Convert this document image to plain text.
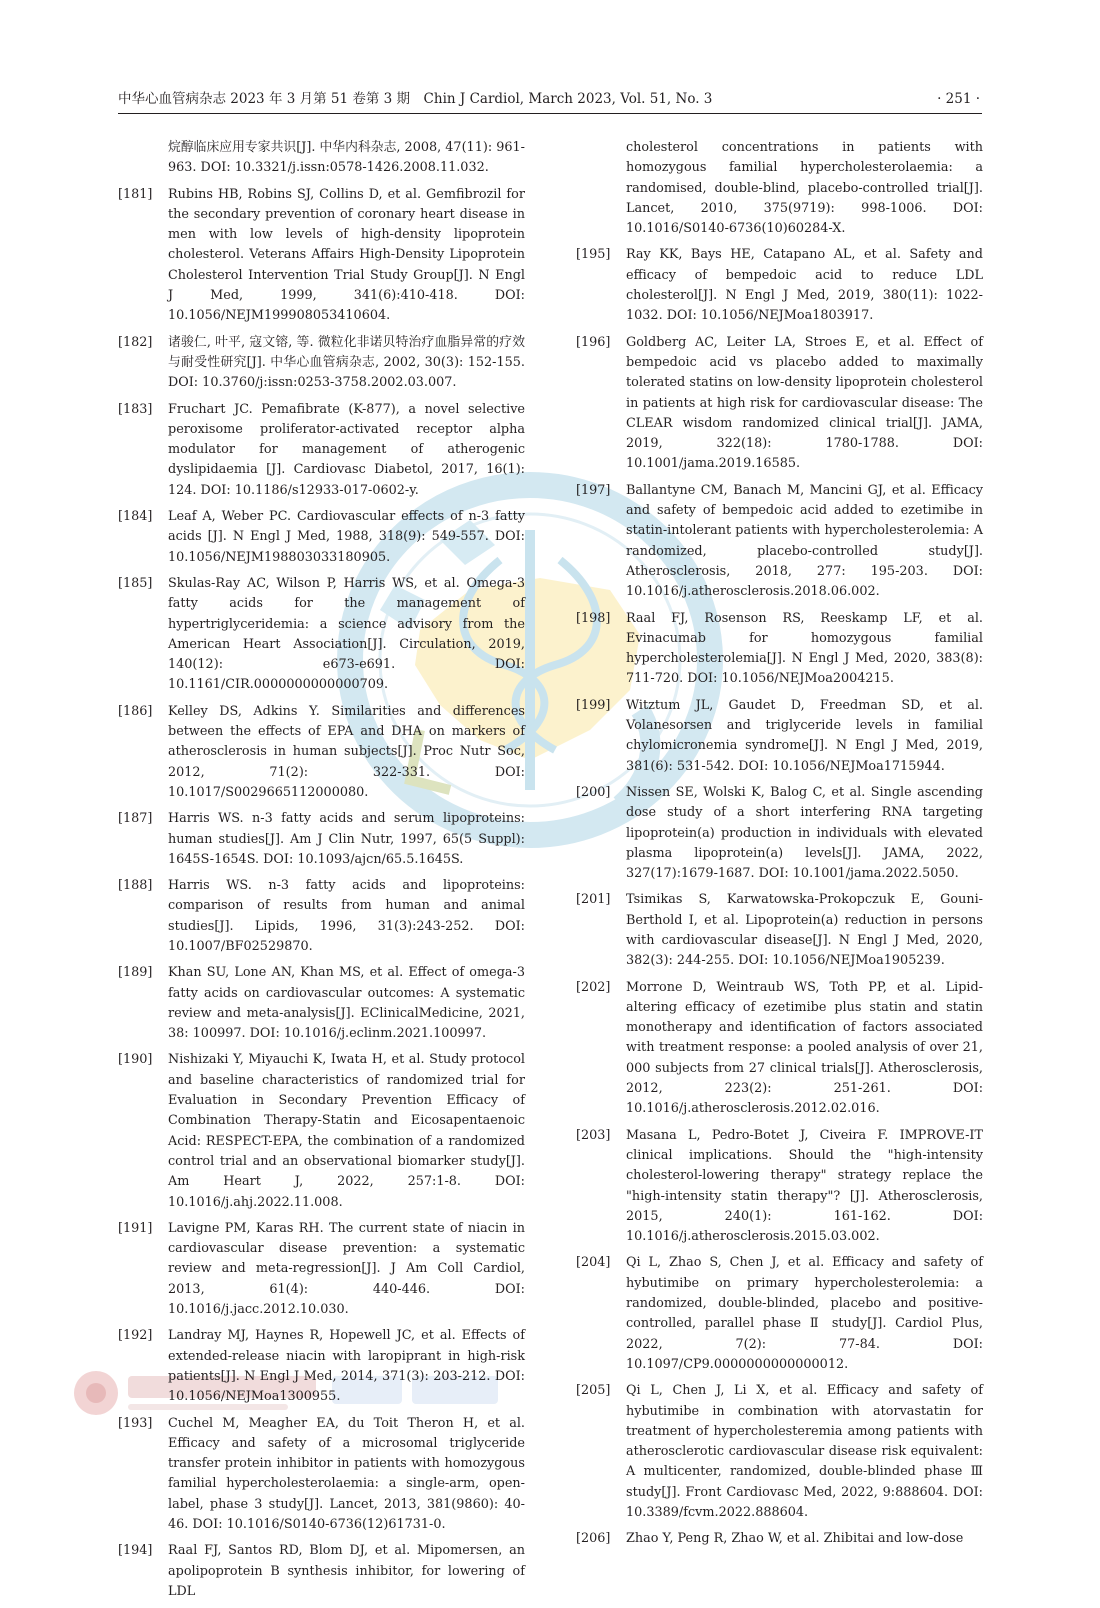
中华心血管病杂志 2023 年 3 月第 51 卷第 3 期　Chin J Cardiol, March 2023, Vol. 51, No. 3	· 251 ·
烷醇临床应用专家共识[J]. 中华内科杂志, 2008, 47(11): 961-963. DOI: 10.3321/j.issn:0578-1426.2008.11.032.
[181]	Rubins HB, Robins SJ, Collins D, et al. Gemfibrozil for the secondary prevention of coronary heart disease in men with low levels of high-density lipoprotein cholesterol. Veterans Affairs High-Density Lipoprotein Cholesterol Intervention Trial Study Group[J]. N Engl J Med, 1999, 341(6):410-418. DOI: 10.1056/NEJM199908053410604.
[182]	诸骏仁, 叶平, 寇文镕, 等. 微粒化非诺贝特治疗血脂异常的疗效与耐受性研究[J]. 中华心血管病杂志, 2002, 30(3): 152-155. DOI: 10.3760/j:issn:0253-3758.2002.03.007.
[183]	Fruchart JC. Pemafibrate (K-877), a novel selective peroxisome proliferator-activated receptor alpha modulator for management of atherogenic dyslipidaemia [J]. Cardiovasc Diabetol, 2017, 16(1): 124. DOI: 10.1186/s12933-017-0602-y.
[184]	Leaf A, Weber PC. Cardiovascular effects of n-3 fatty acids [J]. N Engl J Med, 1988, 318(9): 549-557. DOI: 10.1056/NEJM198803033180905.
[185]	Skulas-Ray AC, Wilson P, Harris WS, et al. Omega-3 fatty acids for the management of hypertriglyceridemia: a science advisory from the American Heart Association[J]. Circulation, 2019, 140(12): e673-e691. DOI: 10.1161/CIR.0000000000000709.
[186]	Kelley DS, Adkins Y. Similarities and differences between the effects of EPA and DHA on markers of atherosclerosis in human subjects[J]. Proc Nutr Soc, 2012, 71(2): 322-331. DOI: 10.1017/S0029665112000080.
[187]	Harris WS. n-3 fatty acids and serum lipoproteins: human studies[J]. Am J Clin Nutr, 1997, 65(5 Suppl): 1645S-1654S. DOI: 10.1093/ajcn/65.5.1645S.
[188]	Harris WS. n-3 fatty acids and lipoproteins: comparison of results from human and animal studies[J]. Lipids, 1996, 31(3):243-252. DOI: 10.1007/BF02529870.
[189]	Khan SU, Lone AN, Khan MS, et al. Effect of omega-3 fatty acids on cardiovascular outcomes: A systematic review and meta-analysis[J]. EClinicalMedicine, 2021, 38: 100997. DOI: 10.1016/j.eclinm.2021.100997.
[190]	Nishizaki Y, Miyauchi K, Iwata H, et al. Study protocol and baseline characteristics of randomized trial for Evaluation in Secondary Prevention Efficacy of Combination Therapy-Statin and Eicosapentaenoic Acid: RESPECT-EPA, the combination of a randomized control trial and an observational biomarker study[J]. Am Heart J, 2022, 257:1-8. DOI: 10.1016/j.ahj.2022.11.008.
[191]	Lavigne PM, Karas RH. The current state of niacin in cardiovascular disease prevention: a systematic review and meta-regression[J]. J Am Coll Cardiol, 2013, 61(4): 440-446. DOI: 10.1016/j.jacc.2012.10.030.
[192]	Landray MJ, Haynes R, Hopewell JC, et al. Effects of extended-release niacin with laropiprant in high-risk patients[J]. N Engl J Med, 2014, 371(3): 203-212. DOI: 10.1056/NEJMoa1300955.
[193]	Cuchel M, Meagher EA, du Toit Theron H, et al. Efficacy and safety of a microsomal triglyceride transfer protein inhibitor in patients with homozygous familial hypercholesterolaemia: a single-arm, open-label, phase 3 study[J]. Lancet, 2013, 381(9860): 40-46. DOI: 10.1016/S0140-6736(12)61731-0.
[194]	Raal FJ, Santos RD, Blom DJ, et al. Mipomersen, an apolipoprotein B synthesis inhibitor, for lowering of LDL
cholesterol concentrations in patients with homozygous familial hypercholesterolaemia: a randomised, double-blind, placebo-controlled trial[J]. Lancet, 2010, 375(9719): 998-1006. DOI: 10.1016/S0140-6736(10)60284-X.
[195]	Ray KK, Bays HE, Catapano AL, et al. Safety and efficacy of bempedoic acid to reduce LDL cholesterol[J]. N Engl J Med, 2019, 380(11): 1022-1032. DOI: 10.1056/NEJMoa1803917.
[196]	Goldberg AC, Leiter LA, Stroes E, et al. Effect of bempedoic acid vs placebo added to maximally tolerated statins on low-density lipoprotein cholesterol in patients at high risk for cardiovascular disease: The CLEAR wisdom randomized clinical trial[J]. JAMA, 2019, 322(18): 1780-1788. DOI: 10.1001/jama.2019.16585.
[197]	Ballantyne CM, Banach M, Mancini GJ, et al. Efficacy and safety of bempedoic acid added to ezetimibe in statin-intolerant patients with hypercholesterolemia: A randomized, placebo-controlled study[J]. Atherosclerosis, 2018, 277: 195-203. DOI: 10.1016/j.atherosclerosis.2018.06.002.
[198]	Raal FJ, Rosenson RS, Reeskamp LF, et al. Evinacumab for homozygous familial hypercholesterolemia[J]. N Engl J Med, 2020, 383(8): 711-720. DOI: 10.1056/NEJMoa2004215.
[199]	Witztum JL, Gaudet D, Freedman SD, et al. Volanesorsen and triglyceride levels in familial chylomicronemia syndrome[J]. N Engl J Med, 2019, 381(6): 531-542. DOI: 10.1056/NEJMoa1715944.
[200]	Nissen SE, Wolski K, Balog C, et al. Single ascending dose study of a short interfering RNA targeting lipoprotein(a) production in individuals with elevated plasma lipoprotein(a) levels[J]. JAMA, 2022, 327(17):1679-1687. DOI: 10.1001/jama.2022.5050.
[201]	Tsimikas S, Karwatowska-Prokopczuk E, Gouni-Berthold I, et al. Lipoprotein(a) reduction in persons with cardiovascular disease[J]. N Engl J Med, 2020, 382(3): 244-255. DOI: 10.1056/NEJMoa1905239.
[202]	Morrone D, Weintraub WS, Toth PP, et al. Lipid-altering efficacy of ezetimibe plus statin and statin monotherapy and identification of factors associated with treatment response: a pooled analysis of over 21, 000 subjects from 27 clinical trials[J]. Atherosclerosis, 2012, 223(2): 251-261. DOI: 10.1016/j.atherosclerosis.2012.02.016.
[203]	Masana L, Pedro-Botet J, Civeira F. IMPROVE-IT clinical implications. Should the "high-intensity cholesterol-lowering therapy" strategy replace the "high-intensity statin therapy"? [J]. Atherosclerosis, 2015, 240(1): 161-162. DOI: 10.1016/j.atherosclerosis.2015.03.002.
[204]	Qi L, Zhao S, Chen J, et al. Efficacy and safety of hybutimibe on primary hypercholesterolemia: a randomized, double-blinded, placebo and positive-controlled, parallel phase Ⅱ study[J]. Cardiol Plus, 2022, 7(2): 77-84. DOI: 10.1097/CP9.0000000000000012.
[205]	Qi L, Chen J, Li X, et al. Efficacy and safety of hybutimibe in combination with atorvastatin for treatment of hypercholesteremia among patients with atherosclerotic cardiovascular disease risk equivalent: A multicenter, randomized, double-blinded phase Ⅲ study[J]. Front Cardiovasc Med, 2022, 9:888604. DOI: 10.3389/fcvm.2022.888604.
[206]	Zhao Y, Peng R, Zhao W, et al. Zhibitai and low-dose
